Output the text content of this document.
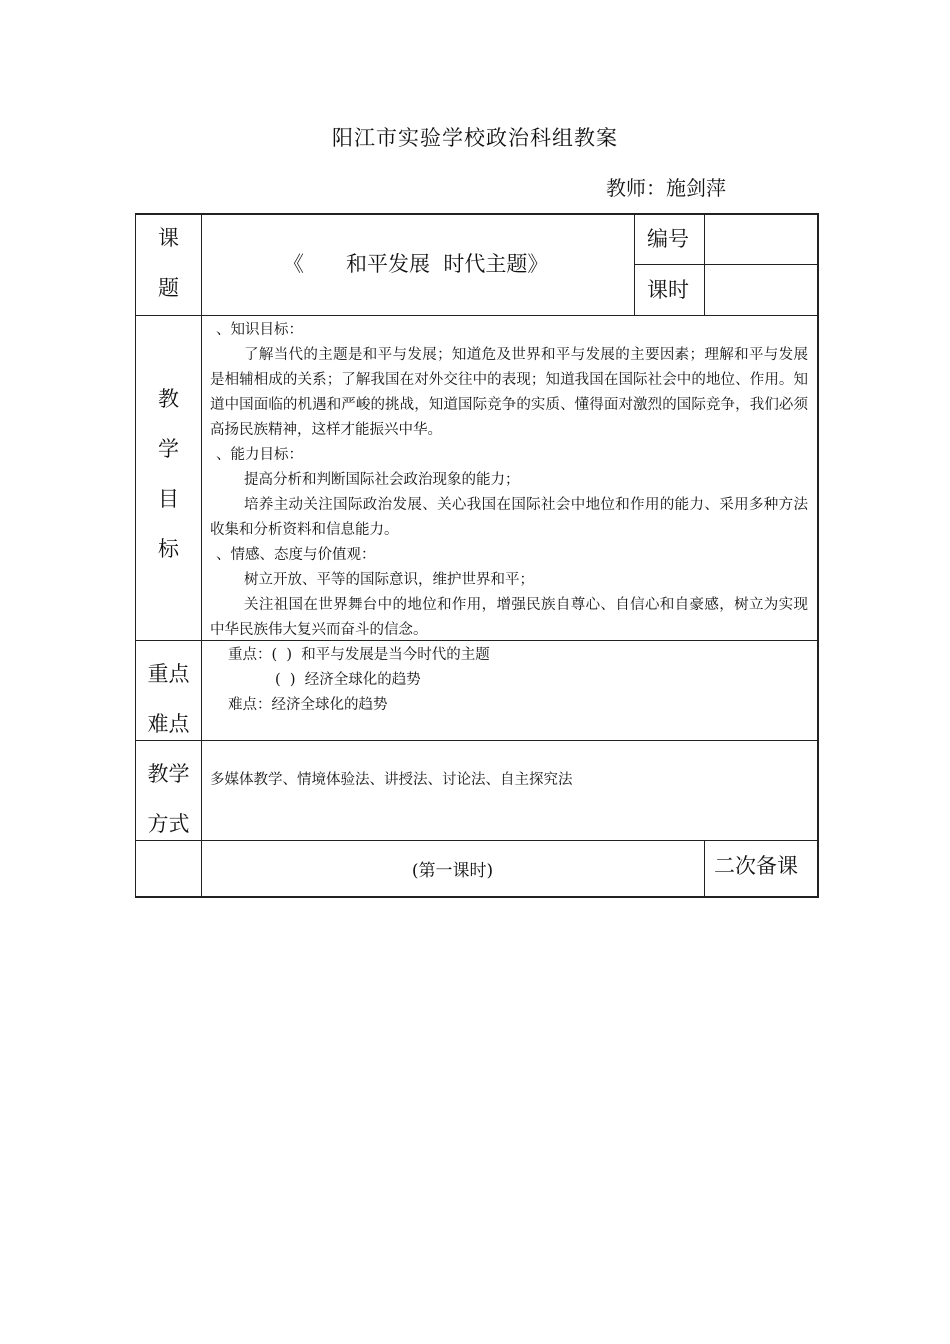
阳江市实验学校政治科组教案
教师：施剑萍
课
题
《　　和平发展  时代主题》
编号
课时
教
学
目
标
、知识目标：
了解当代的主题是和平与发展；知道危及世界和平与发展的主要因素；理解和平与发展是相辅相成的关系；了解我国在对外交往中的表现；知道我国在国际社会中的地位、作用。知道中国面临的机遇和严峻的挑战，知道国际竞争的实质、懂得面对激烈的国际竞争，我们必须高扬民族精神，这样才能振兴中华。
、能力目标：
提高分析和判断国际社会政治现象的能力；
培养主动关注国际政治发展、关心我国在国际社会中地位和作用的能力、采用多种方法收集和分析资料和信息能力。
、情感、态度与价值观：
树立开放、平等的国际意识，维护世界和平；
关注祖国在世界舞台中的地位和作用，增强民族自尊心、自信心和自豪感，树立为实现中华民族伟大复兴而奋斗的信念。
重点
难点
重点：(  )  和平与发展是当今时代的主题
(  )  经济全球化的趋势
难点：经济全球化的趋势
教学
方式
多媒体教学、情境体验法、讲授法、讨论法、自主探究法
(第一课时)	二次备课
